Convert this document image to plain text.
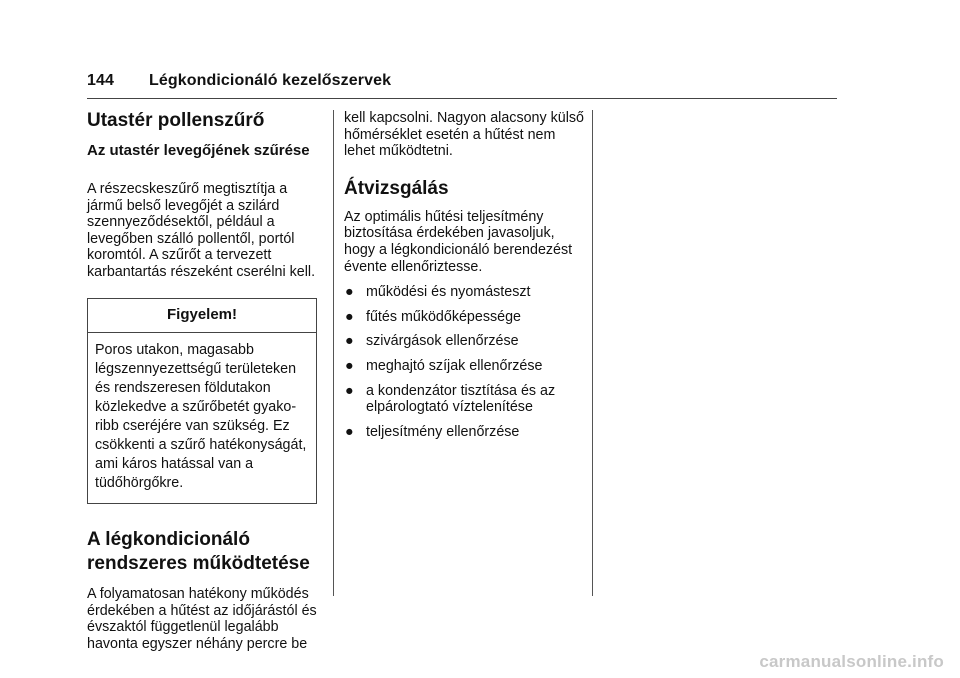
144 Légkondicionáló kezelőszervek
Utastér pollenszűrő
Az utastér levegőjének szűrése

A részecskeszűrő megtisztítja a jármű belső levegőjét a szilárd szennyeződésektől, például a levegőben szálló pollentől, portól koromtól. A szűrőt a tervezett karbantartás részeként cserélni kell.

Figyelem!
Poros utakon, magasabb légszennyezettségű területeken és rendszeresen földutakon közlekedve a szűrőbetét gyakoribb cseréjére van szükség. Ez csökkenti a szűrő hatékonyságát, ami káros hatással van a tüdőhörgőkre.
A légkondicionáló rendszeres működtetése

A folyamatosan hatékony működés érdekében a hűtést az időjárástól és évszaktól függetlenül legalább havonta egyszer néhány percre be

kell kapcsolni. Nagyon alacsony külső hőmérséklet esetén a hűtést nem lehet működtetni.

Átvizsgálás

Az optimális hűtési teljesítmény biztosítása érdekében javasoljuk, hogy a légkondicionáló berendezést évente ellenőriztesse.

● működési és nyomásteszt
● fűtés működőképessége
● szivárgások ellenőrzése
● meghajtó szíjak ellenőrzése
● a kondenzátor tisztítása és az elpárologtató víztelenítése
● teljesítmény ellenőrzése
carmanualsonline.info
